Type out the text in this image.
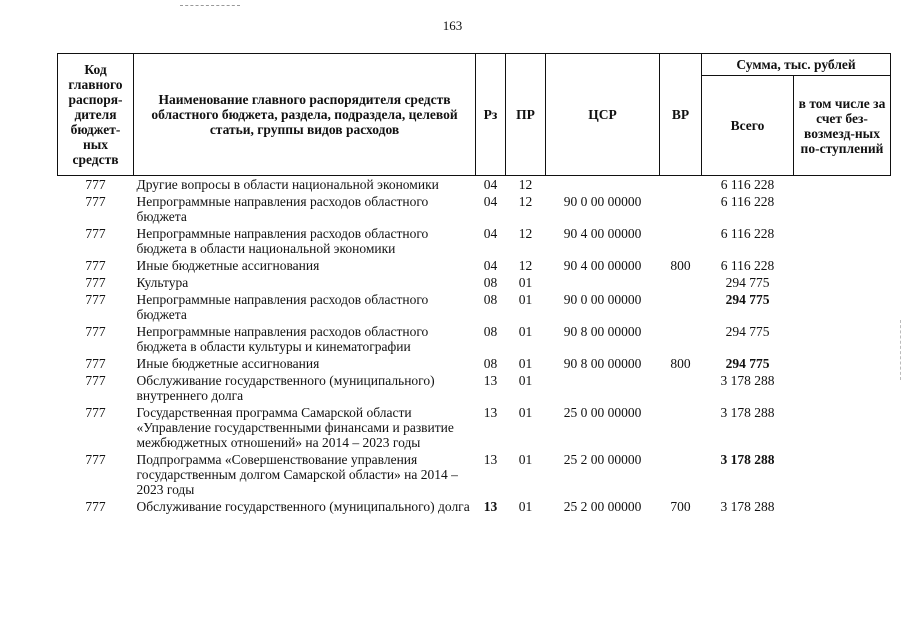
163
Код главного распоря-дителя бюджет-ных средств	Наименование главного распорядителя средств областного бюджета, раздела, подраздела, целевой статьи, группы видов расходов	Рз	ПР	ЦСР	ВР	Сумма, тыс. рублей	
						Всего	в том числе за счет без-возмезд-ных по-ступлений
777	Другие вопросы в области национальной экономики	04	12			6 116 228	
777	Непрограммные направления расходов областного бюджета	04	12	90 0 00 00000		6 116 228	
777	Непрограммные направления расходов областного бюджета в области национальной экономики	04	12	90 4 00 00000		6 116 228	
777	Иные бюджетные ассигнования	04	12	90 4 00 00000	800	6 116 228	
777	Культура	08	01			294 775	
777	Непрограммные направления расходов областного бюджета	08	01	90 0 00 00000		294 775	
777	Непрограммные направления расходов областного бюджета в области культуры и кинематографии	08	01	90 8 00 00000		294 775	
777	Иные бюджетные ассигнования	08	01	90 8 00 00000	800	294 775	
777	Обслуживание государственного (муниципального) внутреннего долга	13	01			3 178 288	
777	Государственная программа Самарской области «Управление государственными финансами и развитие межбюджетных отношений» на 2014 – 2023 годы	13	01	25 0 00 00000		3 178 288	
777	Подпрограмма «Совершенствование управления государственным долгом Самарской области» на 2014 – 2023 годы	13	01	25 2 00 00000		3 178 288	
777	Обслуживание государственного (муниципального) долга	13	01	25 2 00 00000	700	3 178 288	
